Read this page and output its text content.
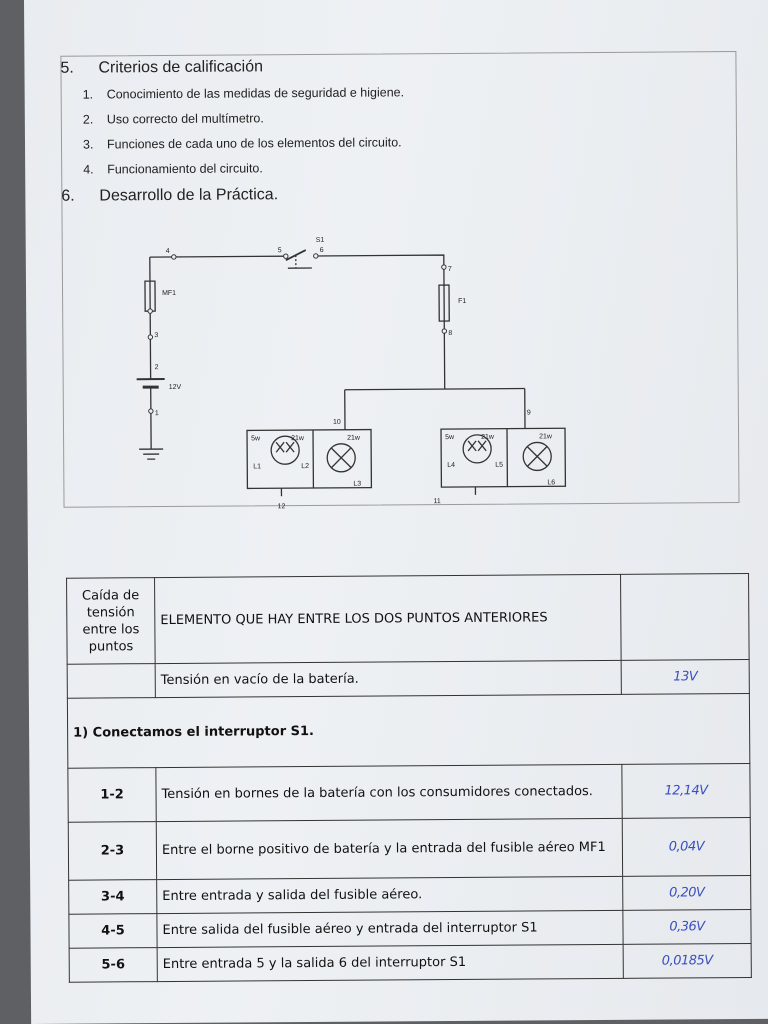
5. Criterios de calificación
1.	Conocimiento de las medidas de seguridad e higiene.
2.	Uso correcto del multímetro.
3.	Funciones de cada uno de los elementos del circuito.
4.	Funcionamiento del circuito.
6. Desarrollo de la Práctica.
4
3
2
1
5	6
7
8
9
10
11
12
S1
MF1
F1
12V
5w	21w	21w	5w	21w	21w
L1	L2
L3
L4	L5
L6
Caída de tensión entre los puntos	ELEMENTO QUE HAY ENTRE LOS DOS PUNTOS ANTERIORES	
	Tensión en vacío de la batería.	13V
1) Conectamos el interruptor S1.		
1-2	Tensión en bornes de la batería con los consumidores conectados.	12,14V
2-3	Entre el borne positivo de batería y la entrada del fusible aéreo MF1	0,04V
3-4	Entre entrada y salida del fusible aéreo.	0,20V
4-5	Entre salida del fusible aéreo y entrada del interruptor S1	0,36V
5-6	Entre entrada 5 y la salida 6 del interruptor S1	0,0185V
